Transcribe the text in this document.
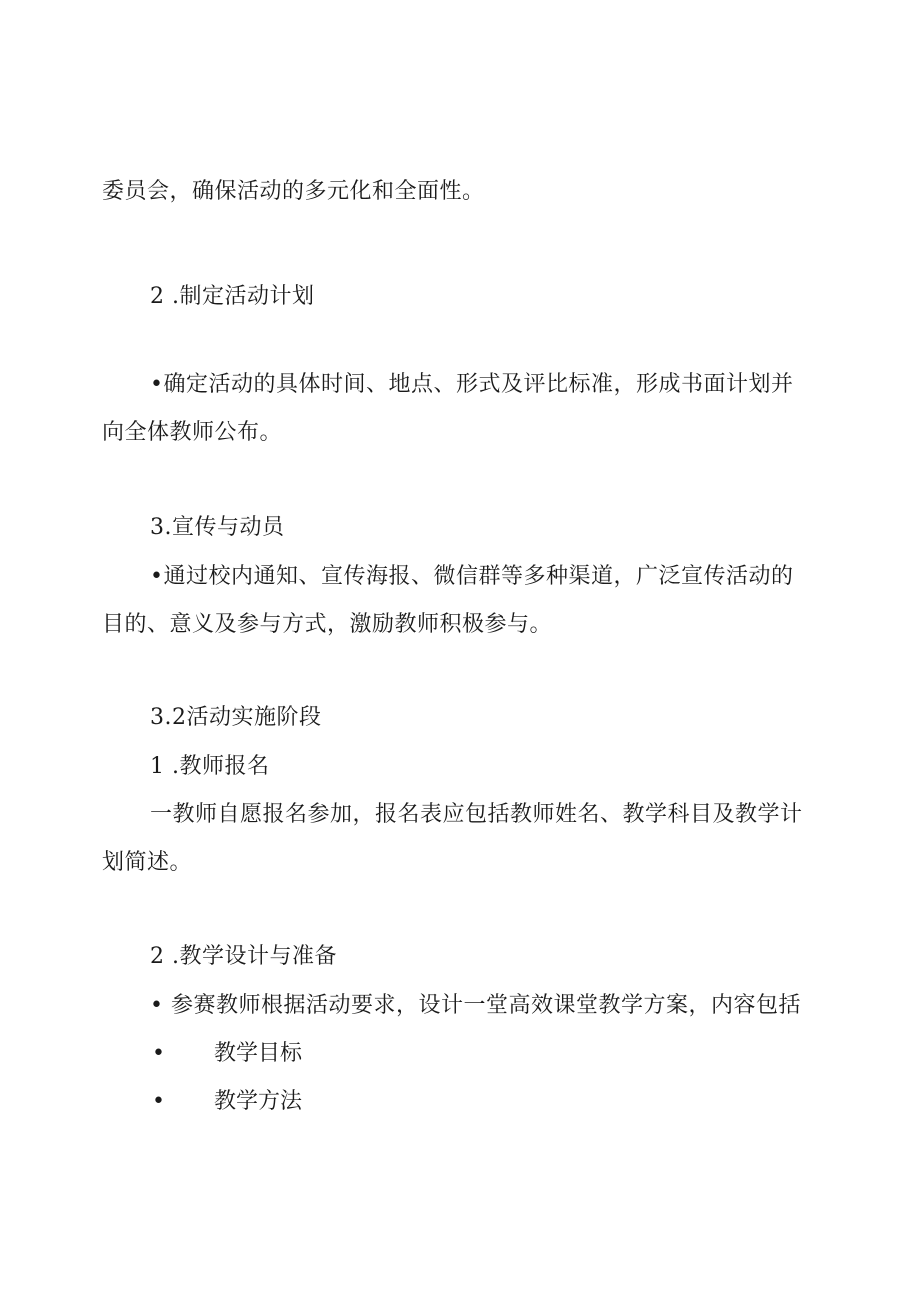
委员会，确保活动的多元化和全面性。
2 .制定活动计划
•确定活动的具体时间、地点、形式及评比标准，形成书面计划并
向全体教师公布。
3.宣传与动员
•通过校内通知、宣传海报、微信群等多种渠道，广泛宣传活动的
目的、意义及参与方式，激励教师积极参与。
3.2活动实施阶段
1 .教师报名
一教师自愿报名参加，报名表应包括教师姓名、教学科目及教学计
划简述。
2 .教学设计与准备
• 参赛教师根据活动要求，设计一堂高效课堂教学方案，内容包括
• 教学目标
• 教学方法
